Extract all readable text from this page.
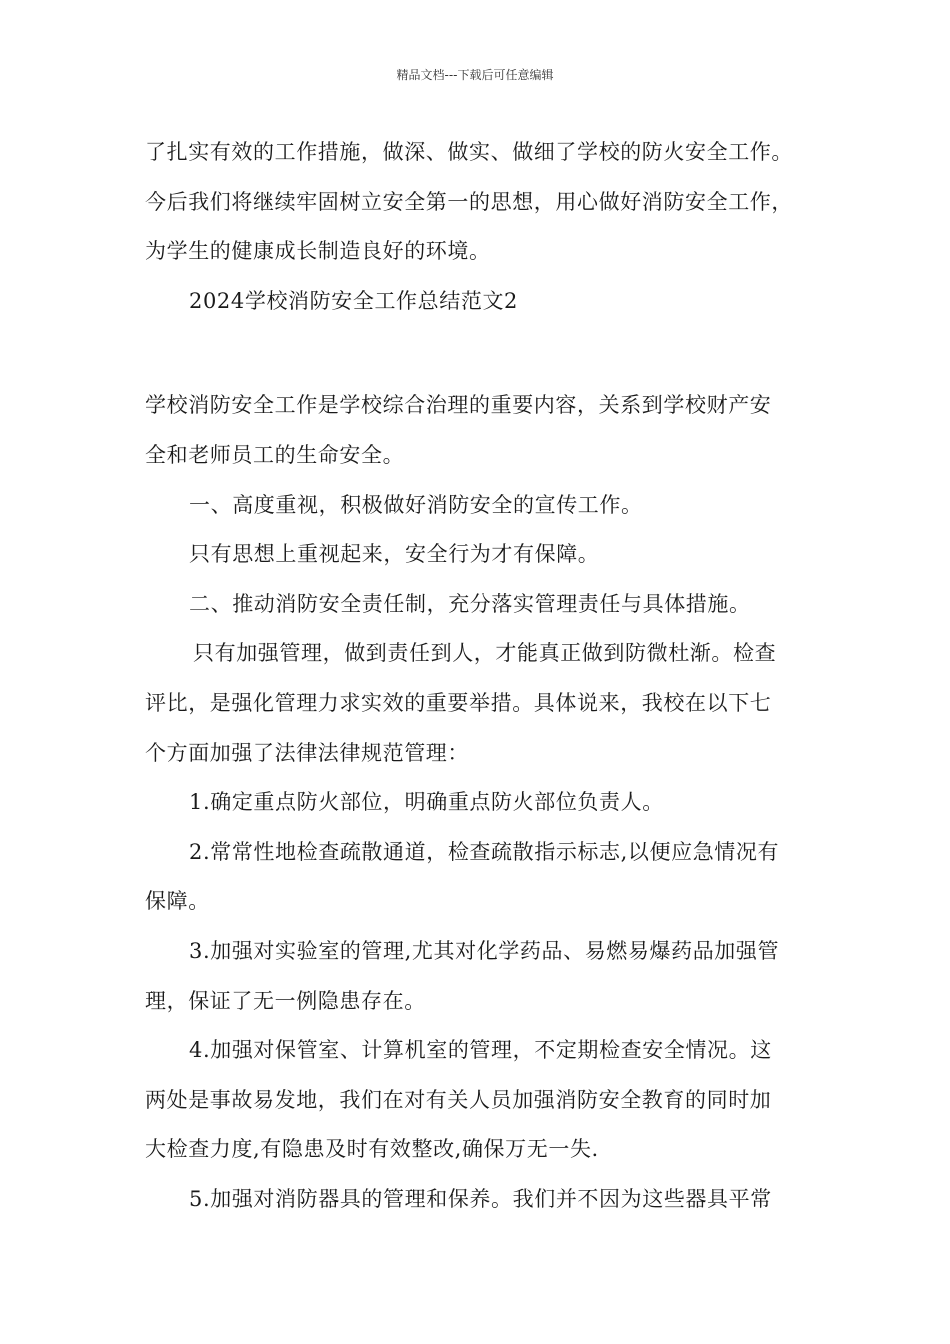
精品文档---下载后可任意编辑
了扎实有效的工作措施，做深、做实、做细了学校的防火安全工作。
今后我们将继续牢固树立安全第一的思想，用心做好消防安全工作，
为学生的健康成长制造良好的环境。
2024学校消防安全工作总结范文2
学校消防安全工作是学校综合治理的重要内容，关系到学校财产安
全和老师员工的生命安全。
一、高度重视，积极做好消防安全的宣传工作。
只有思想上重视起来，安全行为才有保障。
二、推动消防安全责任制，充分落实管理责任与具体措施。
只有加强管理，做到责任到人，才能真正做到防微杜渐。检查
评比，是强化管理力求实效的重要举措。具体说来，我校在以下七
个方面加强了法律法律规范管理：
1.确定重点防火部位，明确重点防火部位负责人。
2.常常性地检查疏散通道，检查疏散指示标志,以便应急情况有
保障。
3.加强对实验室的管理,尤其对化学药品、易燃易爆药品加强管
理，保证了无一例隐患存在。
4.加强对保管室、计算机室的管理，不定期检查安全情况。这
两处是事故易发地，我们在对有关人员加强消防安全教育的同时加
大检查力度,有隐患及时有效整改,确保万无一失.
5.加强对消防器具的管理和保养。我们并不因为这些器具平常
